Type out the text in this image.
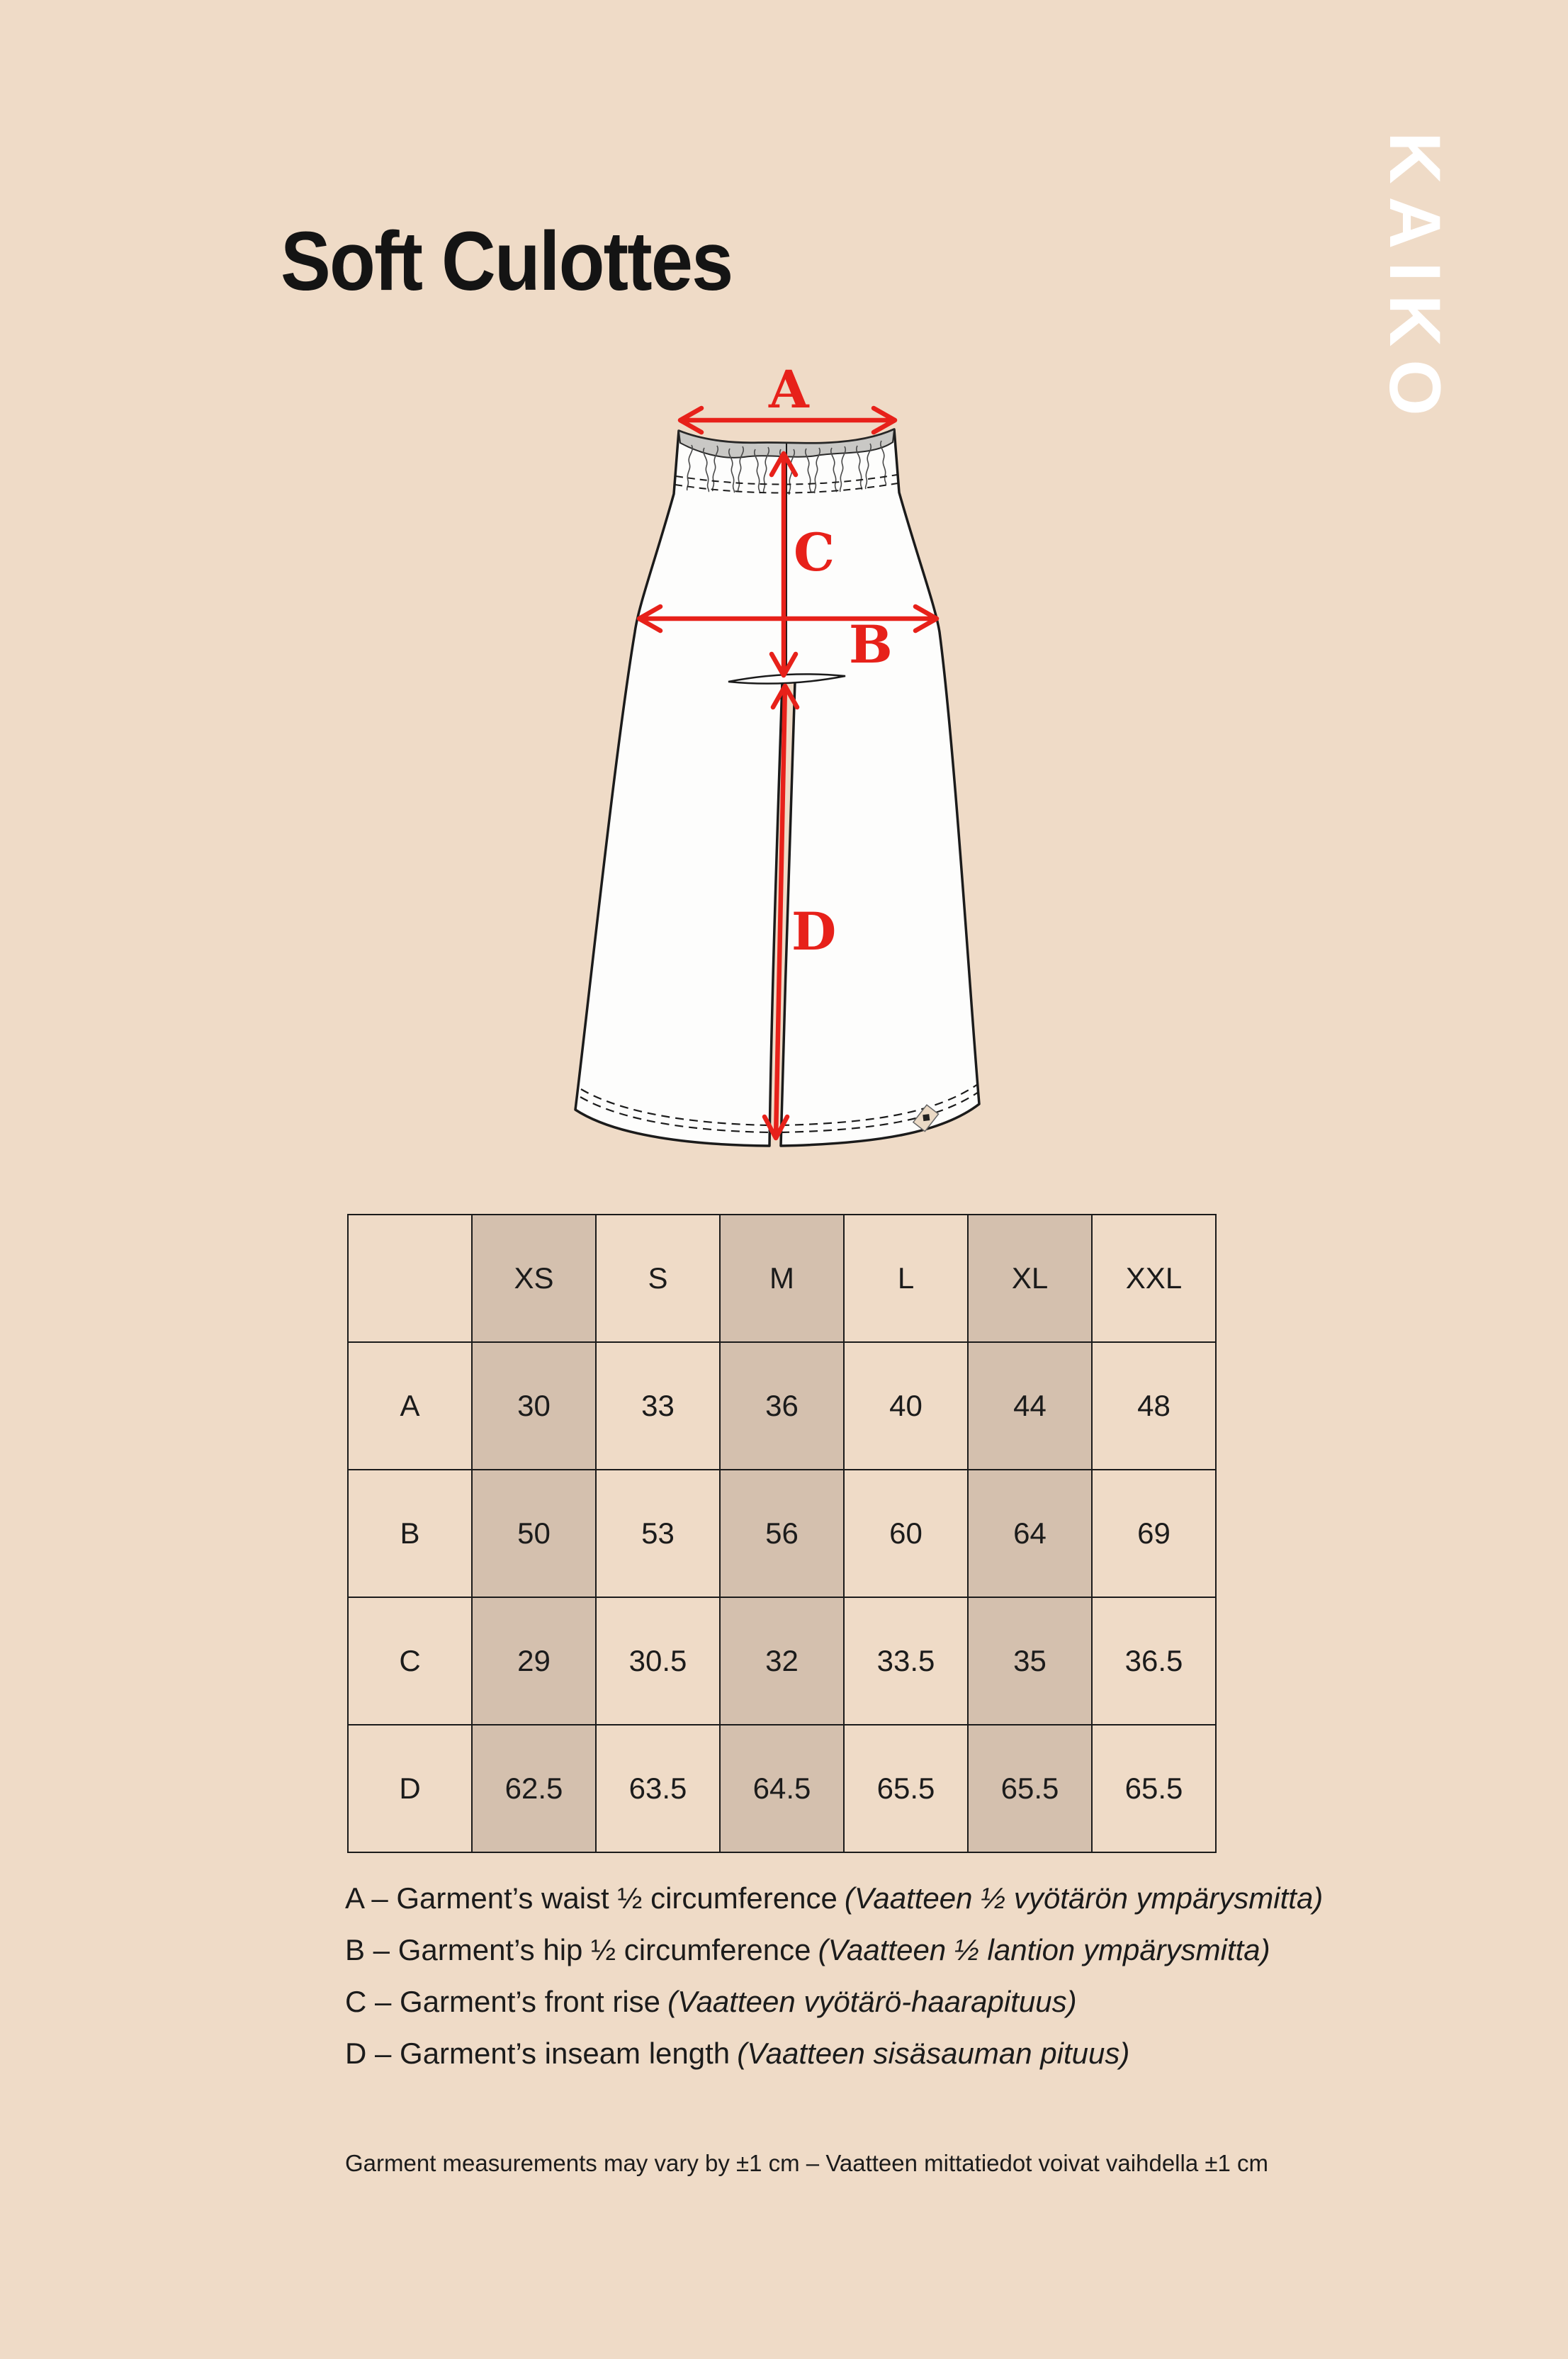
Soft Culottes	KAIKO
A
C
B
D
	XS	S	M	L	XL	XXL
A	30	33	36	40	44	48
B	50	53	56	60	64	69
C	29	30.5	32	33.5	35	36.5
D	62.5	63.5	64.5	65.5	65.5	65.5
A – Garment’s waist ½ circumference (Vaatteen ½ vyötärön ympärysmitta)
B – Garment’s hip ½ circumference (Vaatteen ½ lantion ympärysmitta)
C – Garment’s front rise (Vaatteen vyötärö-haarapituus)
D – Garment’s inseam length (Vaatteen sisäsauman pituus)
Garment measurements may vary by ±1 cm – Vaatteen mittatiedot voivat vaihdella ±1 cm
